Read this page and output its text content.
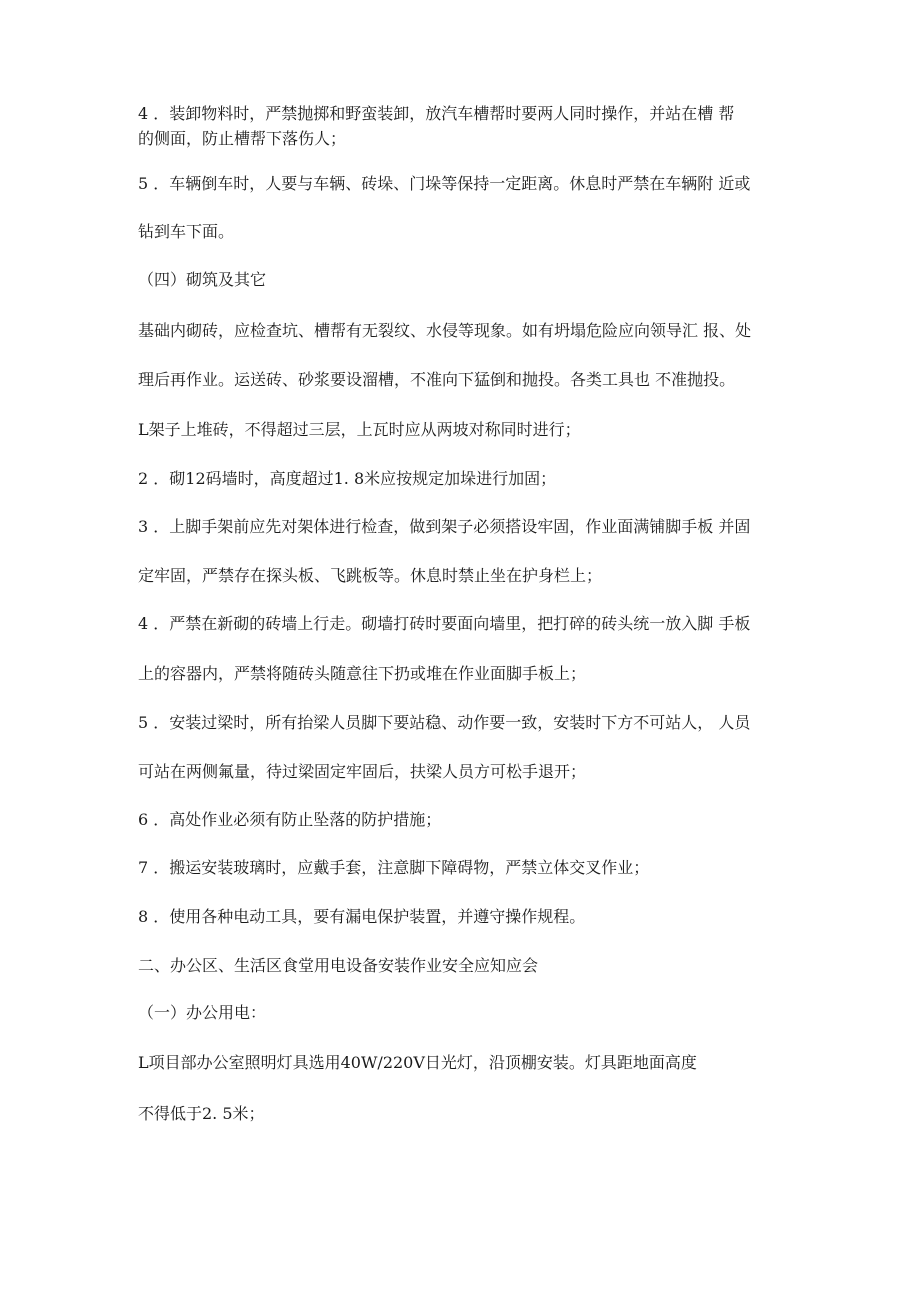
4 ．装卸物料时，严禁抛掷和野蛮装卸，放汽车槽帮时要两人同时操作，并站在槽 帮
的侧面，防止槽帮下落伤人；
5 ．车辆倒车时，人要与车辆、砖垛、门垛等保持一定距离。休息时严禁在车辆附 近或
钻到车下面。
（四）砌筑及其它
基础内砌砖，应检查坑、槽帮有无裂纹、水侵等现象。如有坍塌危险应向领导汇 报、处
理后再作业。运送砖、砂浆要设溜槽，不准向下猛倒和抛投。各类工具也 不准抛投。
L架子上堆砖，不得超过三层，上瓦时应从两坡对称同时进行；
2 ．砌12码墙时，高度超过1. 8米应按规定加垛进行加固；
3 ．上脚手架前应先对架体进行检查，做到架子必须搭设牢固，作业面满铺脚手板 并固
定牢固，严禁存在探头板、飞跳板等。休息时禁止坐在护身栏上；
4 ．严禁在新砌的砖墙上行走。砌墙打砖时要面向墙里，把打碎的砖头统一放入脚 手板
上的容器内，严禁将随砖头随意往下扔或堆在作业面脚手板上；
5 ．安装过梁时，所有抬梁人员脚下要站稳、动作要一致，安装时下方不可站人， 人员
可站在两侧氟量，待过梁固定牢固后，扶梁人员方可松手退开；
6 ．高处作业必须有防止坠落的防护措施；
7 ．搬运安装玻璃时，应戴手套，注意脚下障碍物，严禁立体交叉作业；
8 ．使用各种电动工具，要有漏电保护装置，并遵守操作规程。
二、办公区、生活区食堂用电设备安装作业安全应知应会
（一）办公用电：
L项目部办公室照明灯具选用40W/220V日光灯，沿顶棚安装。灯具距地面高度
不得低于2. 5米；
